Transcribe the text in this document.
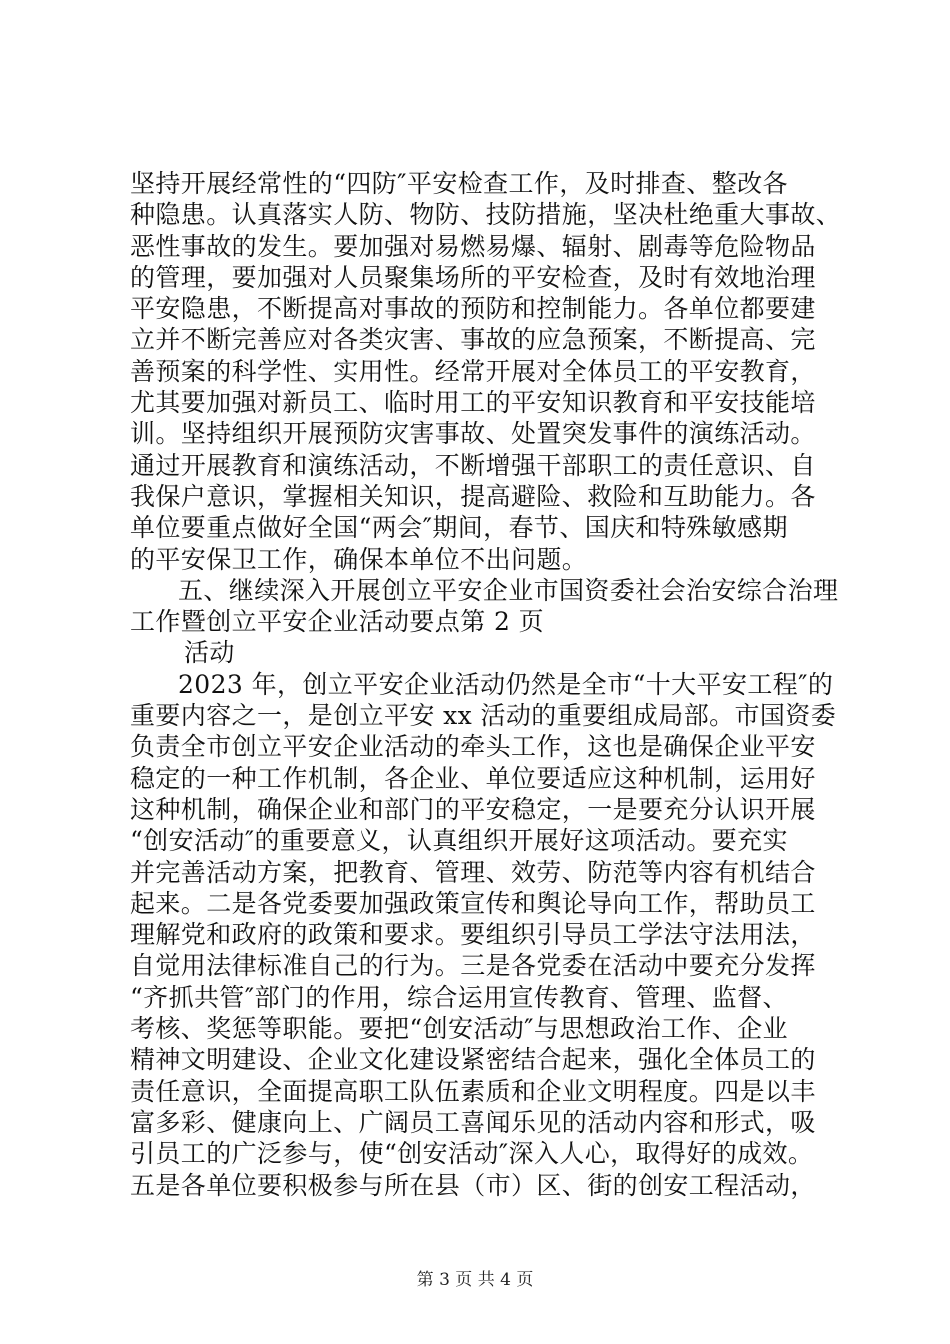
坚持开展经常性的“四防″平安检查工作，及时排查、整改各
种隐患。认真落实人防、物防、技防措施，坚决杜绝重大事故、
恶性事故的发生。要加强对易燃易爆、辐射、剧毒等危险物品
的管理，要加强对人员聚集场所的平安检查，及时有效地治理
平安隐患，不断提高对事故的预防和控制能力。各单位都要建
立并不断完善应对各类灾害、事故的应急预案，不断提高、完
善预案的科学性、实用性。经常开展对全体员工的平安教育，
尤其要加强对新员工、临时用工的平安知识教育和平安技能培
训。坚持组织开展预防灾害事故、处置突发事件的演练活动。
通过开展教育和演练活动，不断增强干部职工的责任意识、自
我保户意识，掌握相关知识，提高避险、救险和互助能力。各
单位要重点做好全国“两会″期间，春节、国庆和特殊敏感期
的平安保卫工作，确保本单位不出问题。
五、继续深入开展创立平安企业市国资委社会治安综合治理
工作暨创立平安企业活动要点第 2 页
活动
2023 年，创立平安企业活动仍然是全市“十大平安工程″的
重要内容之一，是创立平安 xx 活动的重要组成局部。市国资委
负责全市创立平安企业活动的牵头工作，这也是确保企业平安
稳定的一种工作机制，各企业、单位要适应这种机制，运用好
这种机制，确保企业和部门的平安稳定，一是要充分认识开展
“创安活动″的重要意义，认真组织开展好这项活动。要充实
并完善活动方案，把教育、管理、效劳、防范等内容有机结合
起来。二是各党委要加强政策宣传和舆论导向工作，帮助员工
理解党和政府的政策和要求。要组织引导员工学法守法用法，
自觉用法律标准自己的行为。三是各党委在活动中要充分发挥
“齐抓共管″部门的作用，综合运用宣传教育、管理、监督、
考核、奖惩等职能。要把“创安活动″与思想政治工作、企业
精神文明建设、企业文化建设紧密结合起来，强化全体员工的
责任意识，全面提高职工队伍素质和企业文明程度。四是以丰
富多彩、健康向上、广阔员工喜闻乐见的活动内容和形式，吸
引员工的广泛参与，使“创安活动″深入人心，取得好的成效。
五是各单位要积极参与所在县（市）区、街的创安工程活动，
第 3 页 共 4 页
